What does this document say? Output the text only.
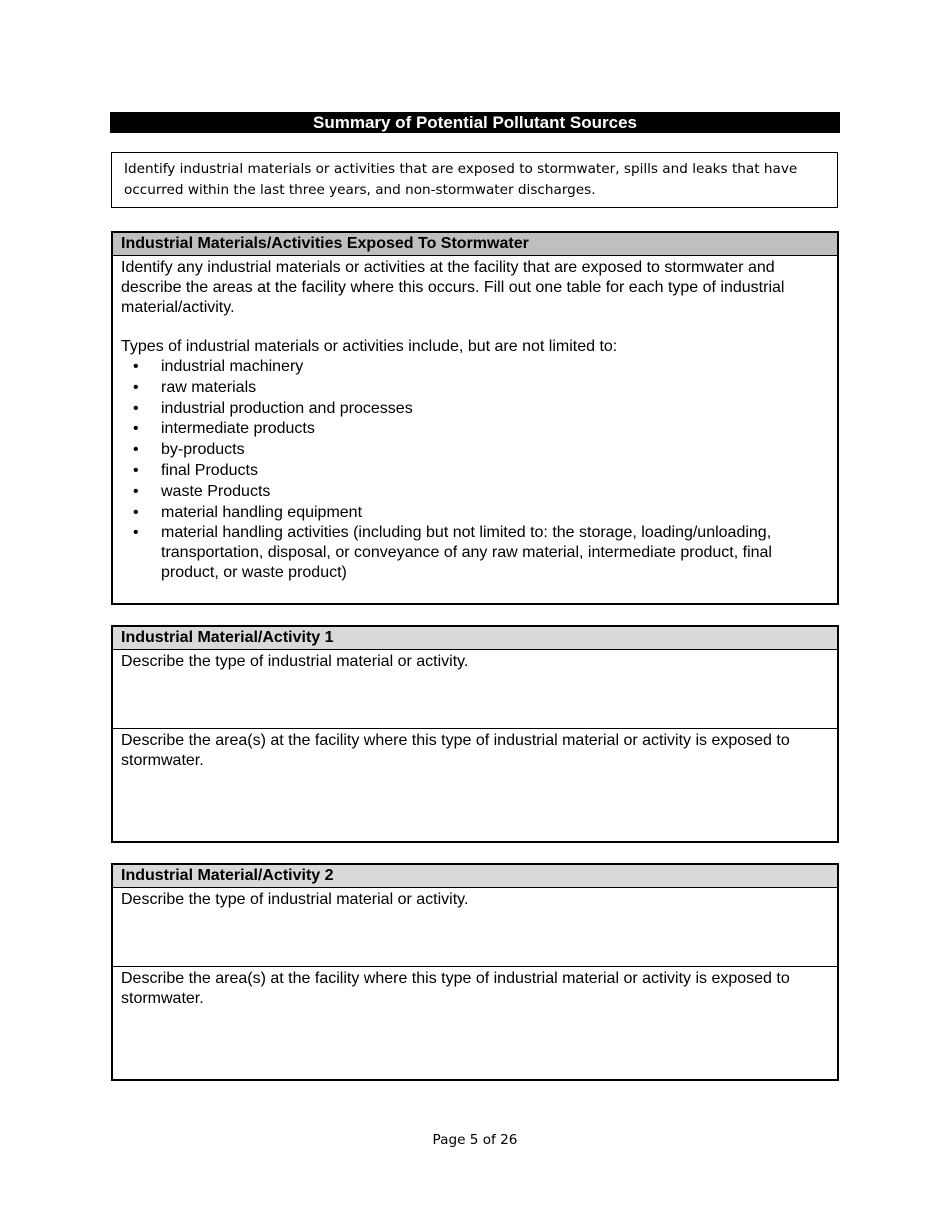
Summary of Potential Pollutant Sources
Identify industrial materials or activities that are exposed to stormwater, spills and leaks that have occurred within the last three years, and non-stormwater discharges.
Industrial Materials/Activities Exposed To Stormwater
Identify any industrial materials or activities at the facility that are exposed to stormwater and describe the areas at the facility where this occurs. Fill out one table for each type of industrial material/activity.
Types of industrial materials or activities include, but are not limited to:
• industrial machinery
• raw materials
• industrial production and processes
• intermediate products
• by-products
• final Products
• waste Products
• material handling equipment
• material handling activities (including but not limited to: the storage, loading/unloading, transportation, disposal, or conveyance of any raw material, intermediate product, final product, or waste product)
Industrial Material/Activity 1
Describe the type of industrial material or activity.
Describe the area(s) at the facility where this type of industrial material or activity is exposed to stormwater.
Industrial Material/Activity 2
Describe the type of industrial material or activity.
Describe the area(s) at the facility where this type of industrial material or activity is exposed to stormwater.
Page 5 of 26
